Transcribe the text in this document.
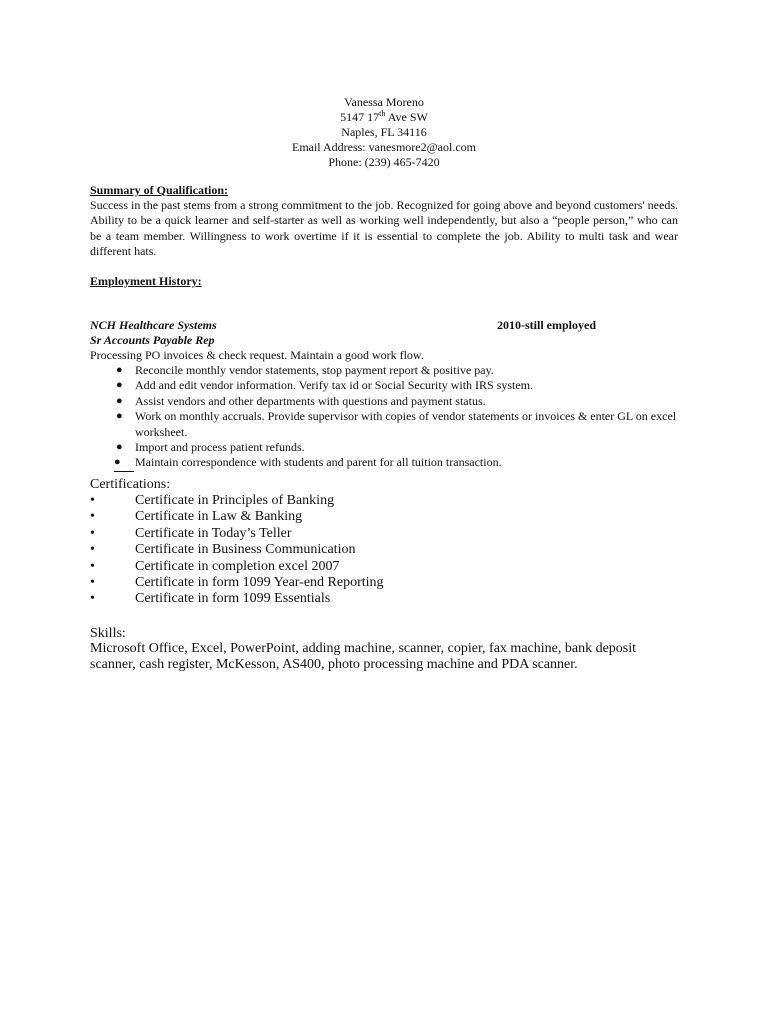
Vanessa Moreno
5147 17th Ave SW
Naples, FL 34116
Email Address: vanesmore2@aol.com
Phone: (239) 465-7420
Summary of Qualification:
Success in the past stems from a strong commitment to the job. Recognized for going above and beyond customers' needs. Ability to be a quick learner and self-starter as well as working well independently, but also a “people person,” who can be a team member. Willingness to work overtime if it is essential to complete the job. Ability to multi task and wear different hats.
Employment History:
NCH Healthcare Systems	2010-still employed
Sr Accounts Payable Rep
Processing PO invoices & check request. Maintain a good work flow.
● Reconcile monthly vendor statements, stop payment report & positive pay.
● Add and edit vendor information. Verify tax id or Social Security with IRS system.
● Assist vendors and other departments with questions and payment status.
● Work on monthly accruals. Provide supervisor with copies of vendor statements or invoices & enter GL on excel worksheet.
● Import and process patient refunds.
●	Maintain correspondence with students and parent for all tuition transaction.
Certifications:
•	Certificate in Principles of Banking
•	Certificate in Law & Banking
•	Certificate in Today’s Teller
•	Certificate in Business Communication
•	Certificate in completion excel 2007
•	Certificate in form 1099 Year-end Reporting
•	Certificate in form 1099 Essentials
Skills:
Microsoft Office, Excel, PowerPoint, adding machine, scanner, copier, fax machine, bank deposit scanner, cash register, McKesson, AS400, photo processing machine and PDA scanner.
